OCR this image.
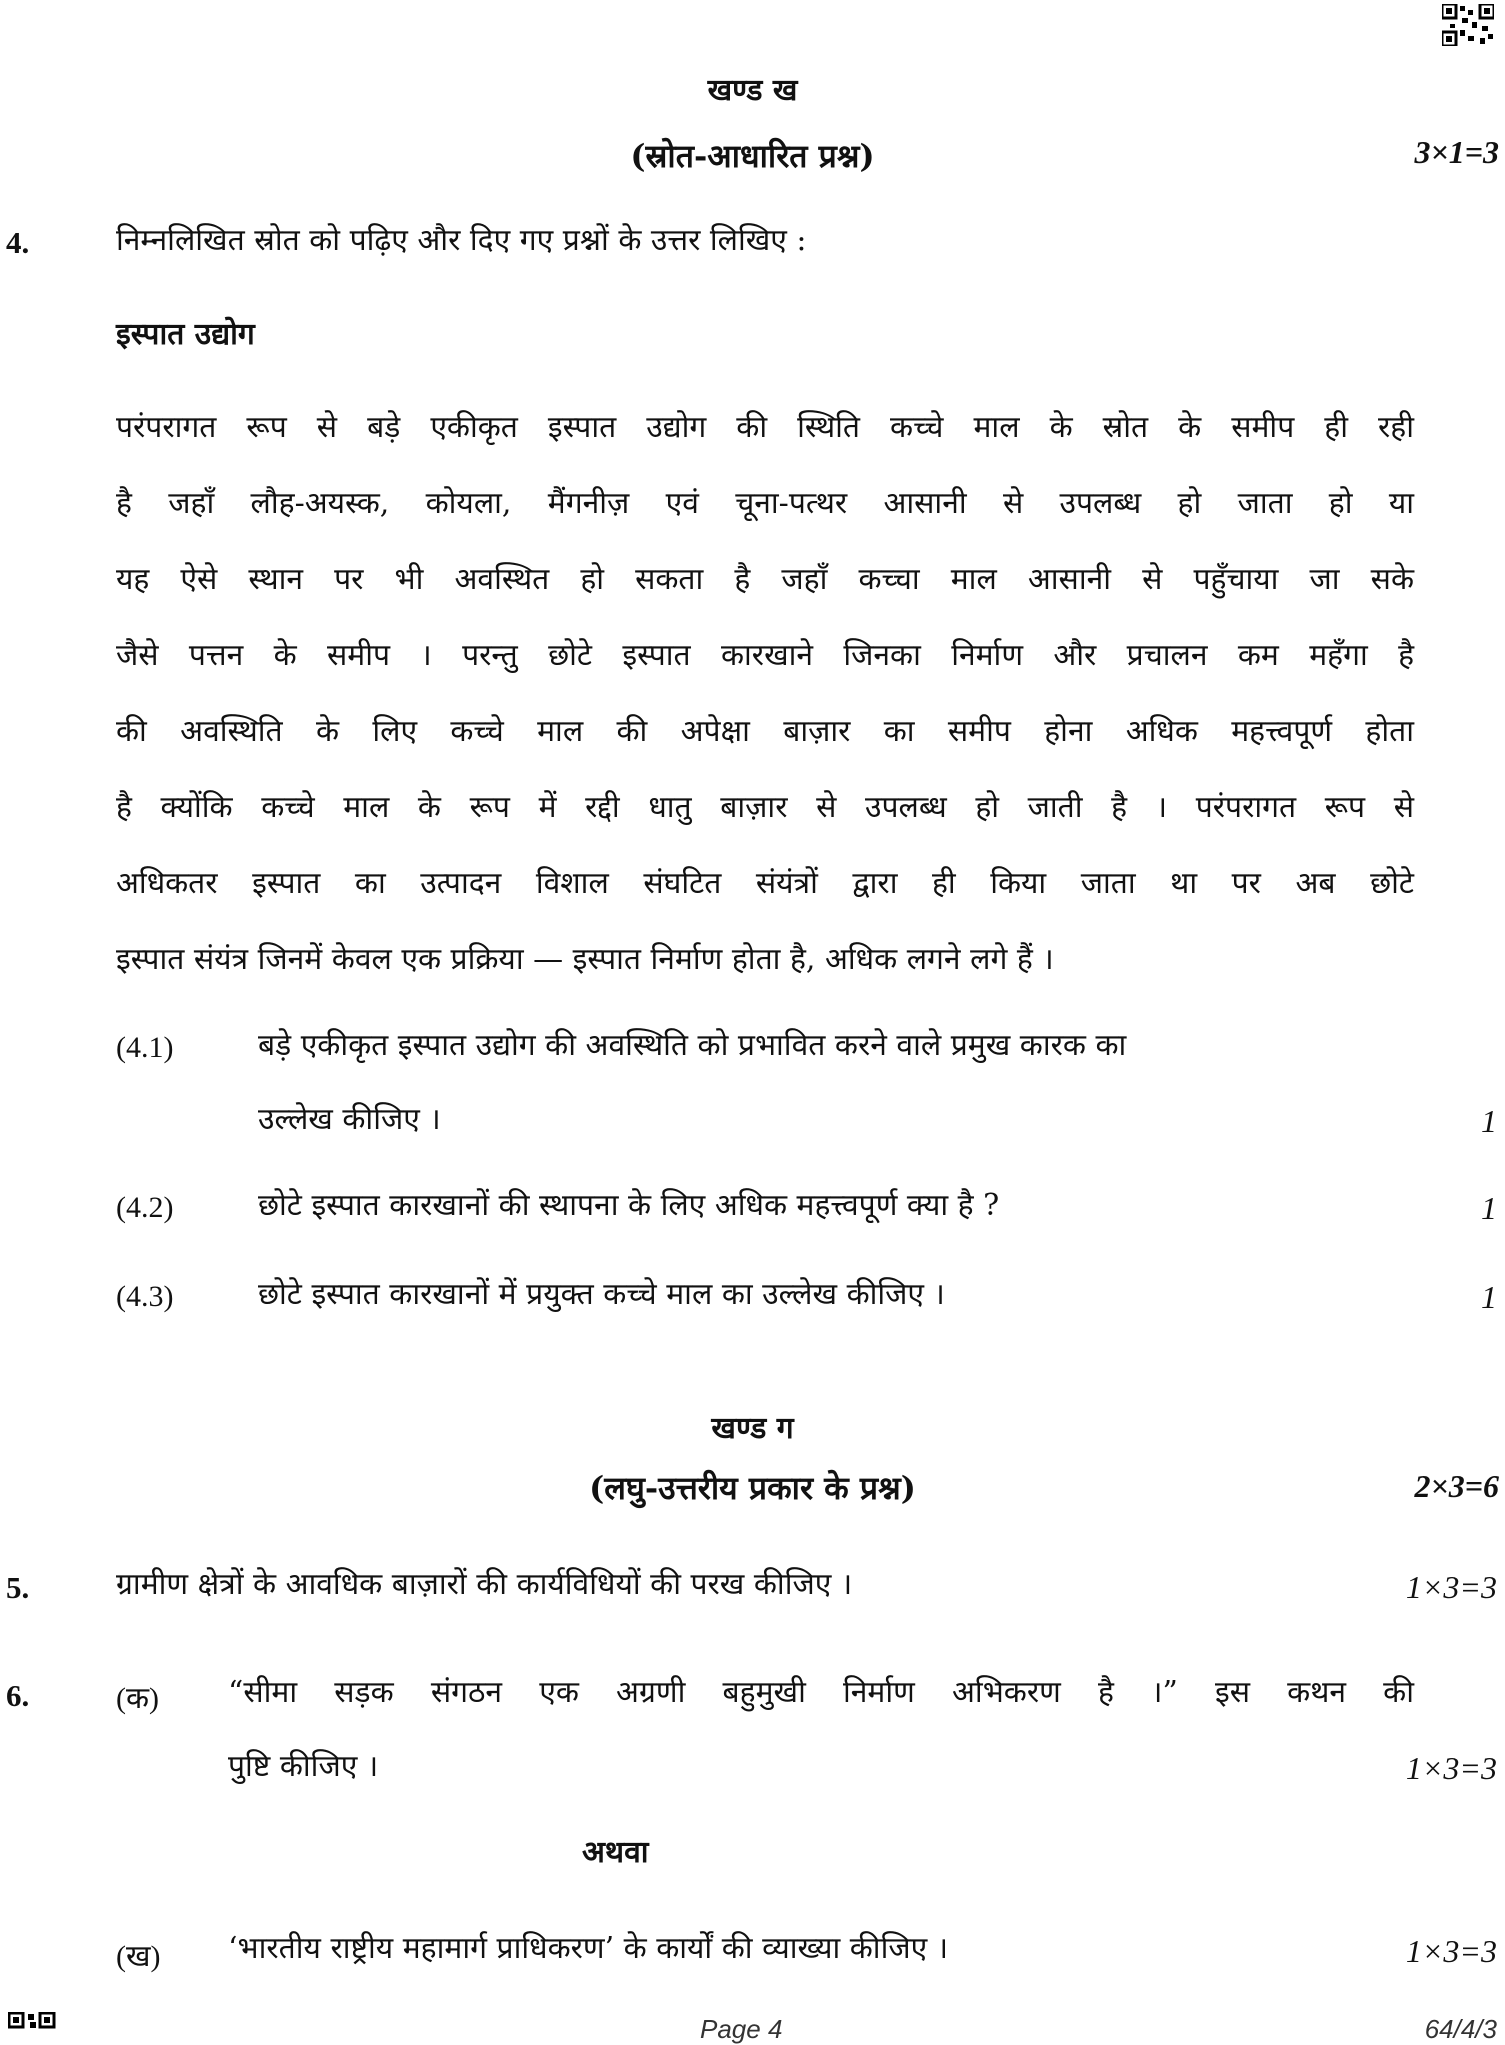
खण्ड ख
(स्रोत-आधारित प्रश्न)	3×1=3
4.	निम्नलिखित स्रोत को पढ़िए और दिए गए प्रश्नों के उत्तर लिखिए :
इस्पात उद्योग
परंपरागत रूप से बड़े एकीकृत इस्पात उद्योग की स्थिति कच्चे माल के स्रोत के समीप ही रही
है जहाँ लौह-अयस्क, कोयला, मैंगनीज़ एवं चूना-पत्थर आसानी से उपलब्ध हो जाता हो या
यह ऐसे स्थान पर भी अवस्थित हो सकता है जहाँ कच्चा माल आसानी से पहुँचाया जा सके
जैसे पत्तन के समीप । परन्तु छोटे इस्पात कारखाने जिनका निर्माण और प्रचालन कम महँगा है
की अवस्थिति के लिए कच्चे माल की अपेक्षा बाज़ार का समीप होना अधिक महत्त्वपूर्ण होता
है क्योंकि कच्चे माल के रूप में रद्दी धातु बाज़ार से उपलब्ध हो जाती है । परंपरागत रूप से
अधिकतर इस्पात का उत्पादन विशाल संघटित संयंत्रों द्वारा ही किया जाता था पर अब छोटे
इस्पात संयंत्र जिनमें केवल एक प्रक्रिया — इस्पात निर्माण होता है, अधिक लगने लगे हैं ।
(4.1)	बड़े एकीकृत इस्पात उद्योग की अवस्थिति को प्रभावित करने वाले प्रमुख कारक का
उल्लेख कीजिए ।	1
(4.2)	छोटे इस्पात कारखानों की स्थापना के लिए अधिक महत्त्वपूर्ण क्या है ?	1
(4.3)	छोटे इस्पात कारखानों में प्रयुक्त कच्चे माल का उल्लेख कीजिए ।	1
खण्ड ग
(लघु-उत्तरीय प्रकार के प्रश्न)	2×3=6
5.	ग्रामीण क्षेत्रों के आवधिक बाज़ारों की कार्यविधियों की परख कीजिए ।	1×3=3
6.	(क) “सीमा सड़क संगठन एक अग्रणी बहुमुखी निर्माण अभिकरण है ।” इस कथन की
पुष्टि कीजिए ।	1×3=3
अथवा
(ख) ‘भारतीय राष्ट्रीय महामार्ग प्राधिकरण’ के कार्यों की व्याख्या कीजिए ।	1×3=3
Page 4	64/4/3
